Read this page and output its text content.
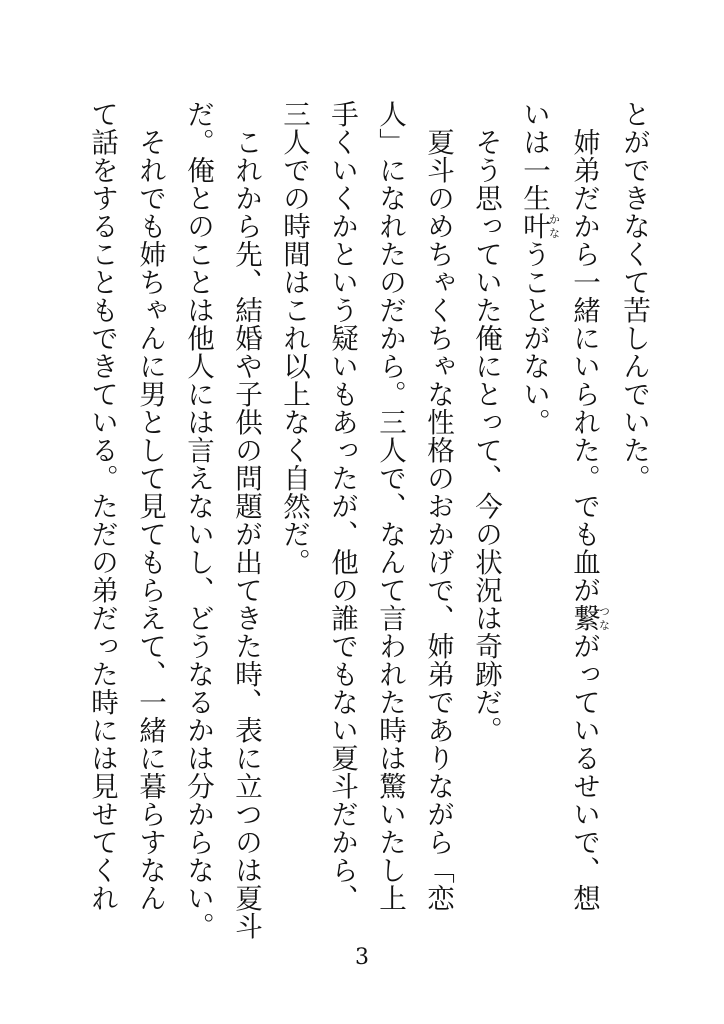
とができなくて苦しんでいた。

　姉弟だから一緒にいられた。でも血が繋つながっているせいで、想

いは一生叶かなうことがない。

　そう思っていた俺にとって、今の状況は奇跡だ。

　夏斗のめちゃくちゃな性格のおかげで、姉弟でありながら「恋

人」になれたのだから。三人で、なんて言われた時は驚いたし上

手くいくかという疑いもあったが、他の誰でもない夏斗だから、

三人での時間はこれ以上なく自然だ。

　これから先、結婚や子供の問題が出てきた時、表に立つのは夏斗

だ。俺とのことは他人には言えないし、どうなるかは分からない。

　それでも姉ちゃんに男として見てもらえて、一緒に暮らすなん

て話をすることもできている。ただの弟だった時には見せてくれ

3
